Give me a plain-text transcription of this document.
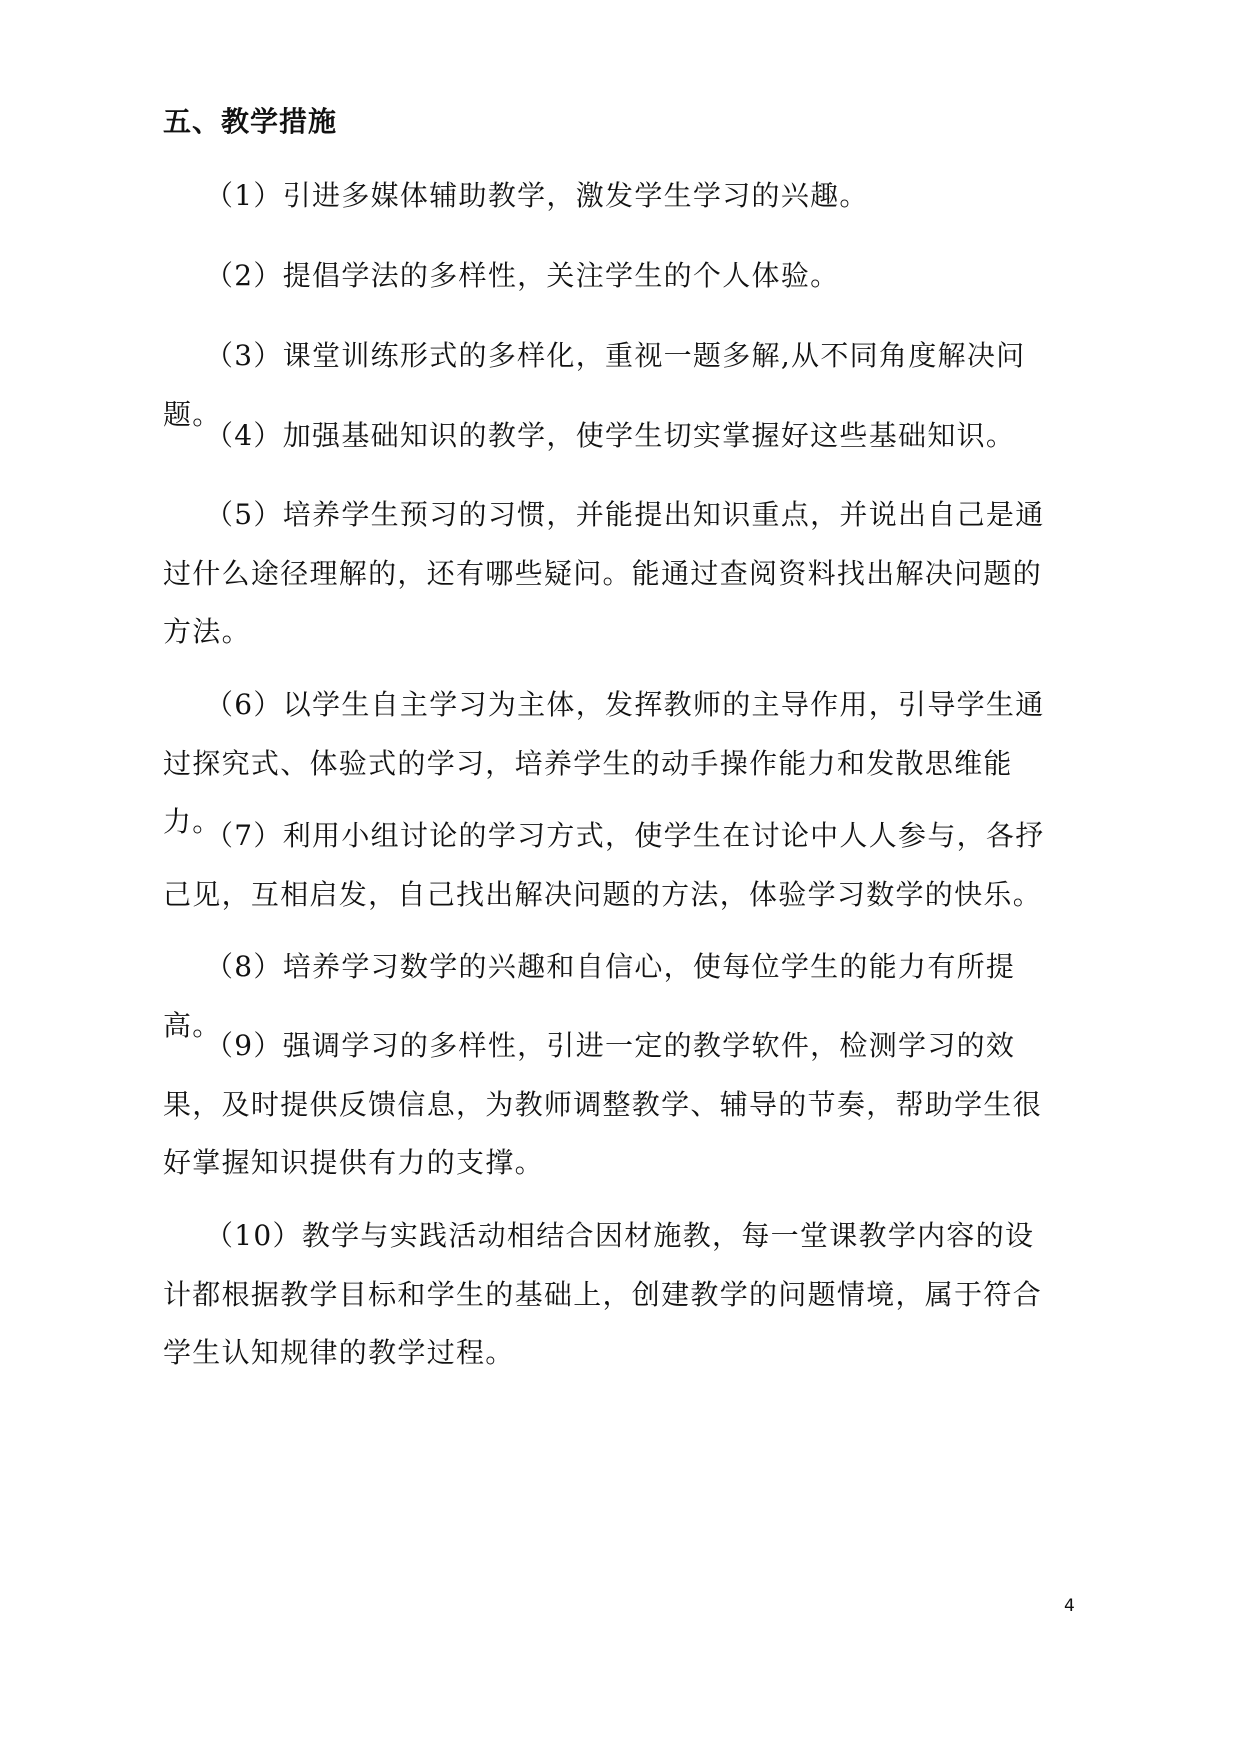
五、教学措施

（1）引进多媒体辅助教学，激发学生学习的兴趣。

（2）提倡学法的多样性，关注学生的个人体验。

（3）课堂训练形式的多样化，重视一题多解,从不同角度解决问题。

（4）加强基础知识的教学，使学生切实掌握好这些基础知识。

（5）培养学生预习的习惯，并能提出知识重点，并说出自己是通过什么途径理解的，还有哪些疑问。能通过查阅资料找出解决问题的方法。

（6）以学生自主学习为主体，发挥教师的主导作用，引导学生通过探究式、体验式的学习，培养学生的动手操作能力和发散思维能力。

（7）利用小组讨论的学习方式，使学生在讨论中人人参与，各抒己见，互相启发，自己找出解决问题的方法，体验学习数学的快乐。

（8）培养学习数学的兴趣和自信心，使每位学生的能力有所提高。

（9）强调学习的多样性，引进一定的教学软件，检测学习的效果，及时提供反馈信息，为教师调整教学、辅导的节奏，帮助学生很好掌握知识提供有力的支撑。

（10）教学与实践活动相结合因材施教，每一堂课教学内容的设计都根据教学目标和学生的基础上，创建教学的问题情境，属于符合学生认知规律的教学过程。

4
